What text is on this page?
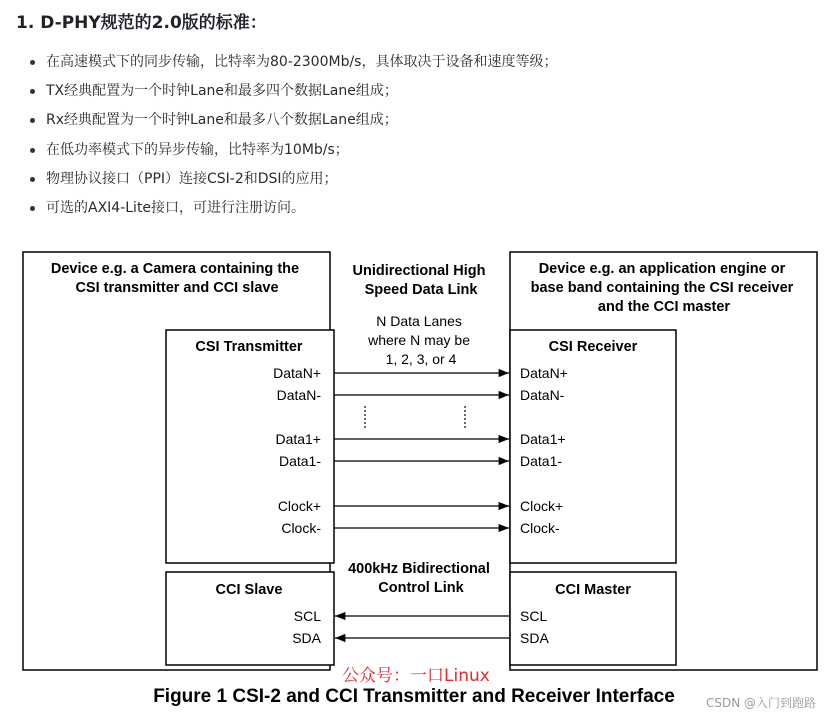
1. D-PHY规范的2.0版的标准：
在高速模式下的同步传输，比特率为80-2300Mb/s，具体取决于设备和速度等级；
TX经典配置为一个时钟Lane和最多四个数据Lane组成；
Rx经典配置为一个时钟Lane和最多八个数据Lane组成；
在低功率模式下的异步传输，比特率为10Mb/s；
物理协议接口（PPI）连接CSI-2和DSI的应用；
可选的AXI4-Lite接口，可进行注册访问。
Device e.g. a Camera containing the CSI transmitter and CCI slave
Device e.g. an application engine or base band containing the CSI receiver and the CCI master
Unidirectional High Speed Data Link
N Data Lanes where N may be 1, 2, 3, or 4
CSI Transmitter	CSI Receiver
DataN+	DataN+
DataN-	DataN-
Data1+	Data1+
Data1-	Data1-
Clock+	Clock+
Clock-	Clock-
400kHz Bidirectional Control Link
CCI Slave	CCI Master
SCL	SCL
SDA	SDA
公众号：一口Linux
Figure 1 CSI-2 and CCI Transmitter and Receiver Interface	CSDN @入门到跑路
